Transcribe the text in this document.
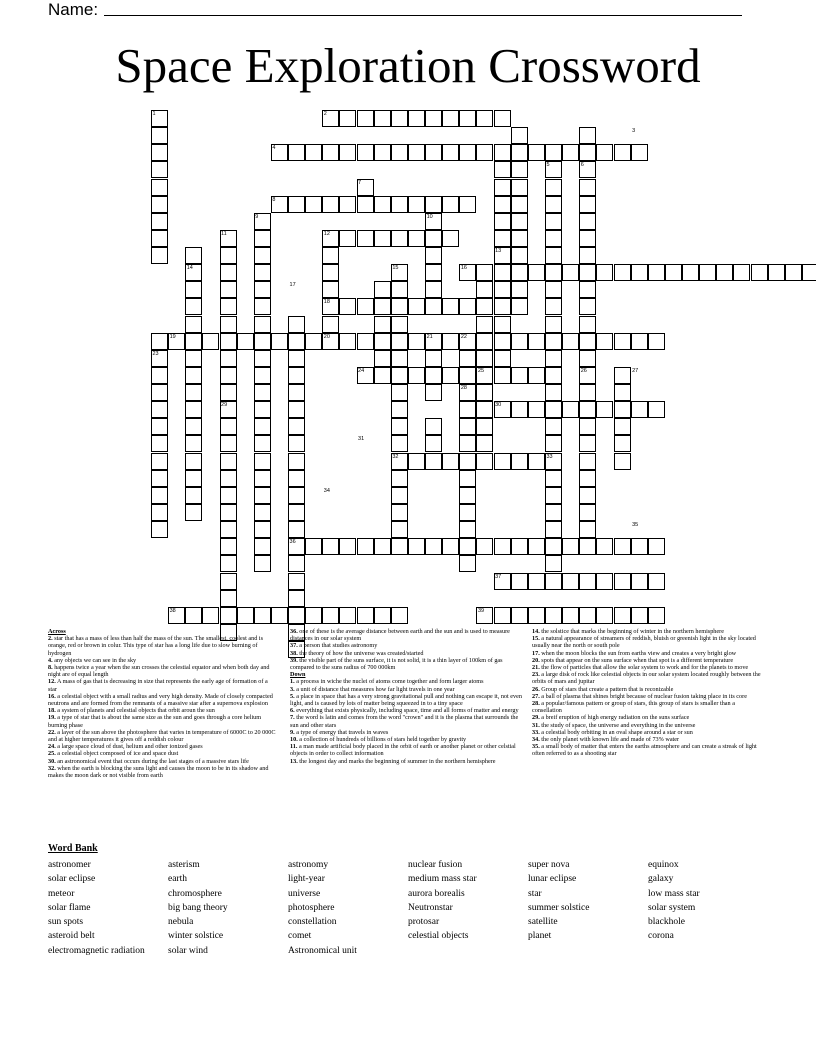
Name:
Space Exploration Crossword
1	2
3
4
5	6
7
8
9	10
11	12
13
14	15	16
17
18
19	20	21	22
23
24	25	26	27
28
29	30
31
32	33
34
35
36
37
38	39

Across

2. star that has a mass of less than half the mass of the sun. The smallest, coolest and is orange, red or brown in colur. This type of star has a long life due to slow burning of hydrogen

4. any objects we can see in the sky

8. happens twice a year when the sun crosses the celestial equator and when both day and night are of equal length

12. A mass of gas that is decreasing in size that represents the early age of formation of a star

16. a celestial object with a small radius and very high density. Made of closely compacted neutrons and are formed from the remnants of a massive star after a supernova explosion

18. a system of planets and celestial objects that orbit aroun the sun

19. a type of star that is about the same size as the sun and goes through a core helium burning phase

22. a layer of the sun above the photosphere that varies in temperature of 6000C to 20 000C and at higher temperatures it gives off a reddish colour

24. a large space cloud of dust, helium and other ionized gases

25. a celestial object composed of ice and space dust

30. an astronomical event that occurs during the last stages of a massive stars life

32. when the earth is blocking the suns light and causes the moon to be in its shadow and makes the moon dark or not visible from earth

36. one of these is the average distance between earth and the sun and is used to measure distances in our solar system

37. a person that studies astronomy

38. the theory of how the universe was created/started

39. the visible part of the suns surface, it is not solid, it is a thin layer of 100km of gas compared to the suns radius of 700 000km

Down

1. a process in wiche the nuclei of atoms come together and form larger atoms

3. a unit of distance that measures how far light travels in one year

5. a place in space that has a very strong gravitational pull and nothing can escape it, not even light, and is caused by lots of matter being squeezed in to a tiny space

6. everything that exists physically, including space, time and all forms of matter and energy

7. the word is latin and comes from the word "crown" and it is the plasma that surrounds the sun and other stars

9. a type of energy that travels in waves

10. a collection of hundreds of billions of stars held together by gravity

11. a man made artificial body placed in the orbit of earth or another planet or other celstial objects in order to collect information

13. the longest day and marks the beginning of summer in the northern hemisphere

14. the solstice that marks the beginning of winter in the northern hemisphere

15. a natural appearance of streamers of reddish, bluish or greenish light in the sky located usually near the north or south pole

17. when the moon blocks the sun from earths view and creates a very bright glow

20. spots that appear on the suns surface when that spot is a different temperature

21. the flow of particles that allow the solar system to work and for the planets to move

23. a large disk of rock like celestial objects in our solar system located roughly between the orbits of mars and jupitar

26. Group of stars that create a pattern that is reconizable

27. a ball of plasma that shines bright because of nuclear fusion taking place in its core

28. a popular/famous pattern or group of stars, this group of stars is smaller than a consellation

29. a breif eruption of high energy radiation on the suns surface

31. the study of space, the universe and everything in the universe

33. a celestial body orbiting in an oval shape around a star or sun

34. the only planet with known life and made of 73% water

35. a small body of matter that enters the earths atmosphere and can create a streak of light often referred to as a shooting star

Word Bank
astronomer
solar eclipse
meteor
solar flame
sun spots
asteroid belt
electromagnetic radiation
asterism
earth
chromosphere
big bang theory
nebula
winter solstice
solar wind
astronomy
light-year
universe
photosphere
constellation
comet
Astronomical unit
nuclear fusion
medium mass star
aurora borealis
Neutronstar
protosar
celestial objects
super nova
lunar eclipse
star
summer solstice
satellite
planet
equinox
galaxy
low mass star
solar system
blackhole
corona
